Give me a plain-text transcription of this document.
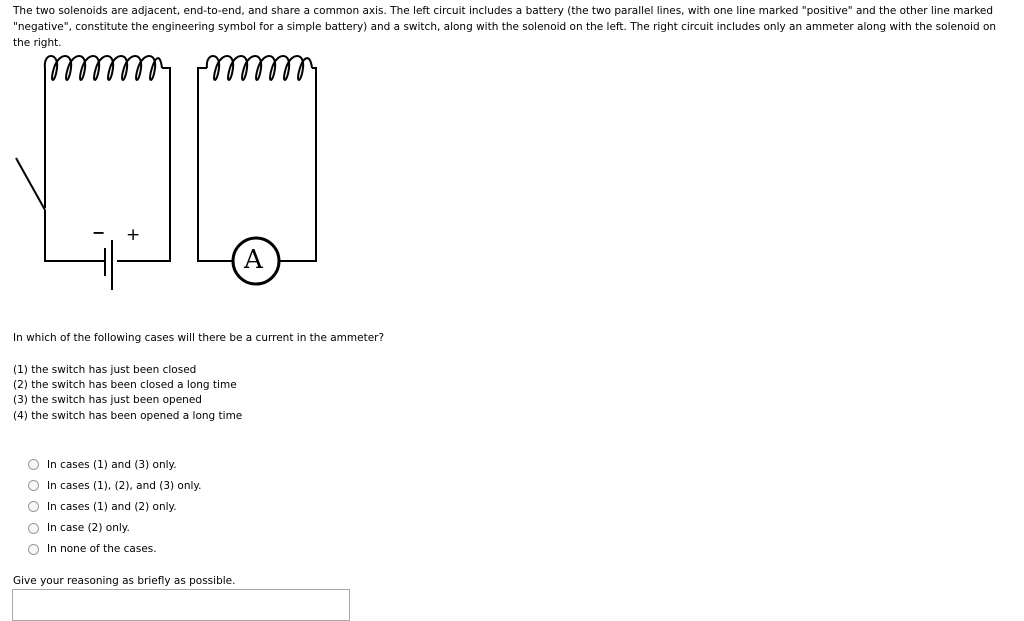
The two solenoids are adjacent, end-to-end, and share a common axis. The left circuit includes a battery (the two parallel lines, with one line marked "positive" and the other line marked "negative", constitute the engineering symbol for a simple battery) and a switch, along with the solenoid on the left. The right circuit includes only an ammeter along with the solenoid on the right.
− +
A
In which of the following cases will there be a current in the ammeter?
(1) the switch has just been closed
(2) the switch has been closed a long time
(3) the switch has just been opened
(4) the switch has been opened a long time
In cases (1) and (3) only.
In cases (1), (2), and (3) only.
In cases (1) and (2) only.
In case (2) only.
In none of the cases.
Give your reasoning as briefly as possible.
